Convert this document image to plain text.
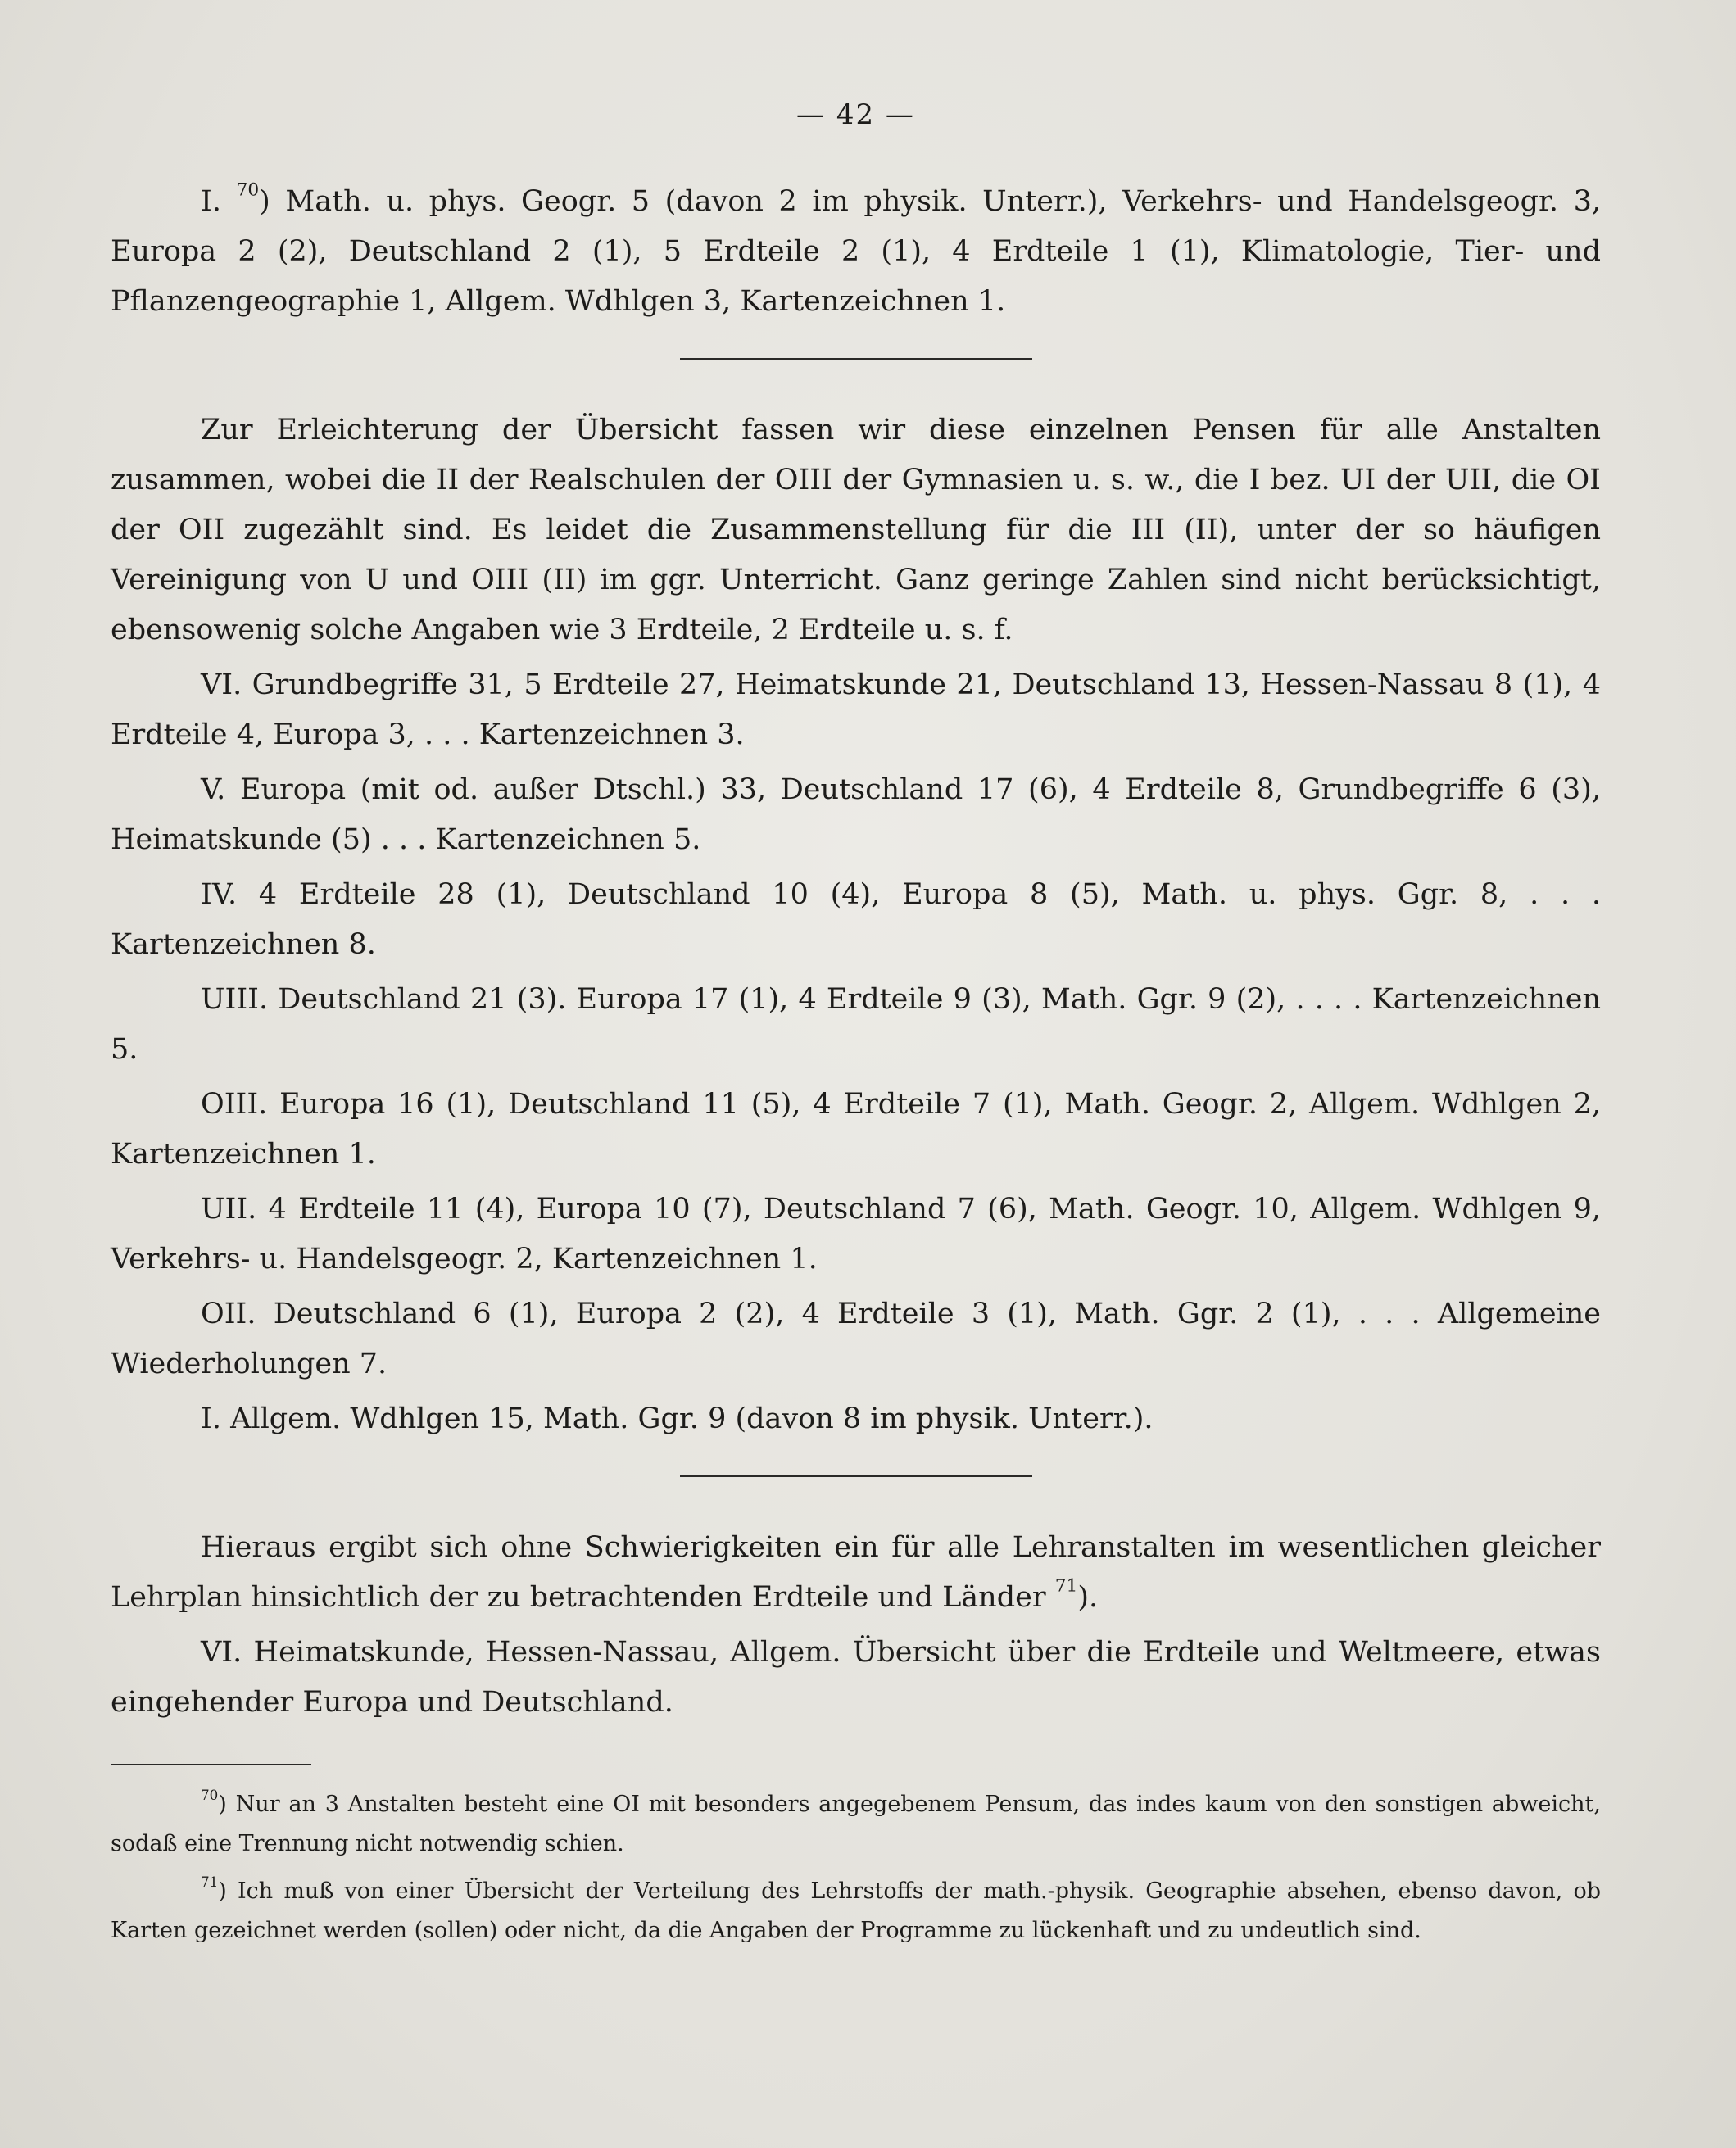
— 42 —

I. $^{70}$) Math. u. phys. Geogr. 5 (davon 2 im physik. Unterr.), Verkehrs- und Handelsgeogr. 3, Europa 2 (2), Deutschland 2 (1), 5 Erdteile 2 (1), 4 Erdteile 1 (1), Klimatologie, Tier- und Pflanzengeographie 1, Allgem. Wdhlgen 3, Kartenzeichnen 1.

Zur Erleichterung der Übersicht fassen wir diese einzelnen Pensen für alle Anstalten zusammen, wobei die II der Realschulen der OIII der Gymnasien u. s. w., die I bez. UI der UII, die OI der OII zugezählt sind. Es leidet die Zusammenstellung für die III (II), unter der so häufigen Vereinigung von U und OIII (II) im ggr. Unterricht. Ganz geringe Zahlen sind nicht berücksichtigt, ebensowenig solche Angaben wie 3 Erdteile, 2 Erdteile u. s. f.

VI. Grundbegriffe 31, 5 Erdteile 27, Heimatskunde 21, Deutschland 13, Hessen-Nassau 8 (1), 4 Erdteile 4, Europa 3, . . . Kartenzeichnen 3.

V. Europa (mit od. außer Dtschl.) 33, Deutschland 17 (6), 4 Erdteile 8, Grundbegriffe 6 (3), Heimatskunde (5) . . . Kartenzeichnen 5.

IV. 4 Erdteile 28 (1), Deutschland 10 (4), Europa 8 (5), Math. u. phys. Ggr. 8, . . . Kartenzeichnen 8.

UIII. Deutschland 21 (3). Europa 17 (1), 4 Erdteile 9 (3), Math. Ggr. 9 (2), . . . . Kartenzeichnen 5.

OIII. Europa 16 (1), Deutschland 11 (5), 4 Erdteile 7 (1), Math. Geogr. 2, Allgem. Wdhlgen 2, Kartenzeichnen 1.

UII. 4 Erdteile 11 (4), Europa 10 (7), Deutschland 7 (6), Math. Geogr. 10, Allgem. Wdhlgen 9, Verkehrs- u. Handelsgeogr. 2, Kartenzeichnen 1.

OII. Deutschland 6 (1), Europa 2 (2), 4 Erdteile 3 (1), Math. Ggr. 2 (1), . . . Allgemeine Wiederholungen 7.

I. Allgem. Wdhlgen 15, Math. Ggr. 9 (davon 8 im physik. Unterr.).

Hieraus ergibt sich ohne Schwierigkeiten ein für alle Lehranstalten im wesentlichen gleicher Lehrplan hinsichtlich der zu betrachtenden Erdteile und Länder $^{71}$).

VI. Heimatskunde, Hessen-Nassau, Allgem. Übersicht über die Erdteile und Weltmeere, etwas eingehender Europa und Deutschland.

$^{70}$) Nur an 3 Anstalten besteht eine OI mit besonders angegebenem Pensum, das indes kaum von den sonstigen abweicht, sodaß eine Trennung nicht notwendig schien.

$^{71}$) Ich muß von einer Übersicht der Verteilung des Lehrstoffs der math.-physik. Geographie absehen, ebenso davon, ob Karten gezeichnet werden (sollen) oder nicht, da die Angaben der Programme zu lückenhaft und zu undeutlich sind.
